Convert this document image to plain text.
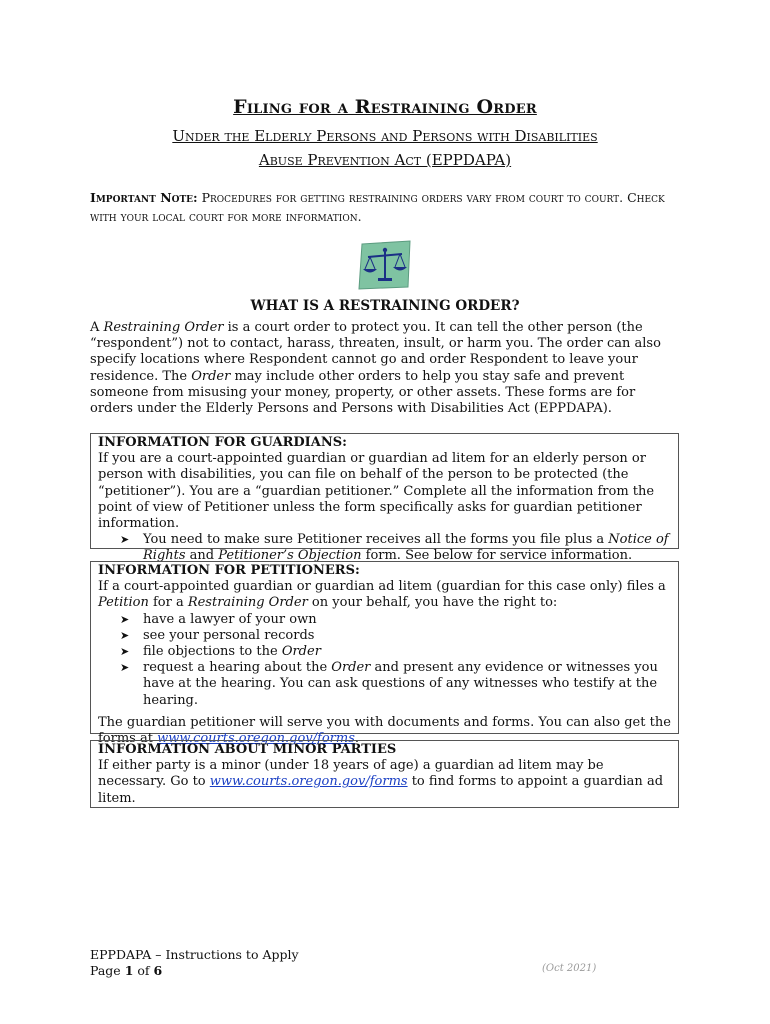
Filing for a Restraining Order
Under the Elderly Persons and Persons with Disabilities
Abuse Prevention Act (EPPDAPA)
Important Note: Procedures for getting restraining orders vary from court to court. Check with your local court for more information.
WHAT IS A RESTRAINING ORDER?
A Restraining Order is a court order to protect you. It can tell the other person (the “respondent”) not to contact, harass, threaten, insult, or harm you. The order can also specify locations where Respondent cannot go and order Respondent to leave your residence. The Order may include other orders to help you stay safe and prevent someone from misusing your money, property, or other assets. These forms are for orders under the Elderly Persons and Persons with Disabilities Act (EPPDAPA).
INFORMATION FOR GUARDIANS:

If you are a court-appointed guardian or guardian ad litem for an elderly person or person with disabilities, you can file on behalf of the person to be protected (the “petitioner”). You are a “guardian petitioner.” Complete all the information from the point of view of Petitioner unless the form specifically asks for guardian petitioner information.

➤ You need to make sure Petitioner receives all the forms you file plus a Notice of Rights and Petitioner’s Objection form. See below for service information.
INFORMATION FOR PETITIONERS:

If a court-appointed guardian or guardian ad litem (guardian for this case only) files a Petition for a Restraining Order on your behalf, you have the right to:

➤ have a lawyer of your own
➤ see your personal records
➤ file objections to the Order
➤ request a hearing about the Order and present any evidence or witnesses you have at the hearing. You can ask questions of any witnesses who testify at the hearing.

The guardian petitioner will serve you with documents and forms. You can also get the forms at www.courts.oregon.gov/forms.

INFORMATION ABOUT MINOR PARTIES

If either party is a minor (under 18 years of age) a guardian ad litem may be necessary. Go to www.courts.oregon.gov/forms to find forms to appoint a guardian ad litem.

EPPDAPA – Instructions to Apply
Page 1 of 6	(Oct 2021)
